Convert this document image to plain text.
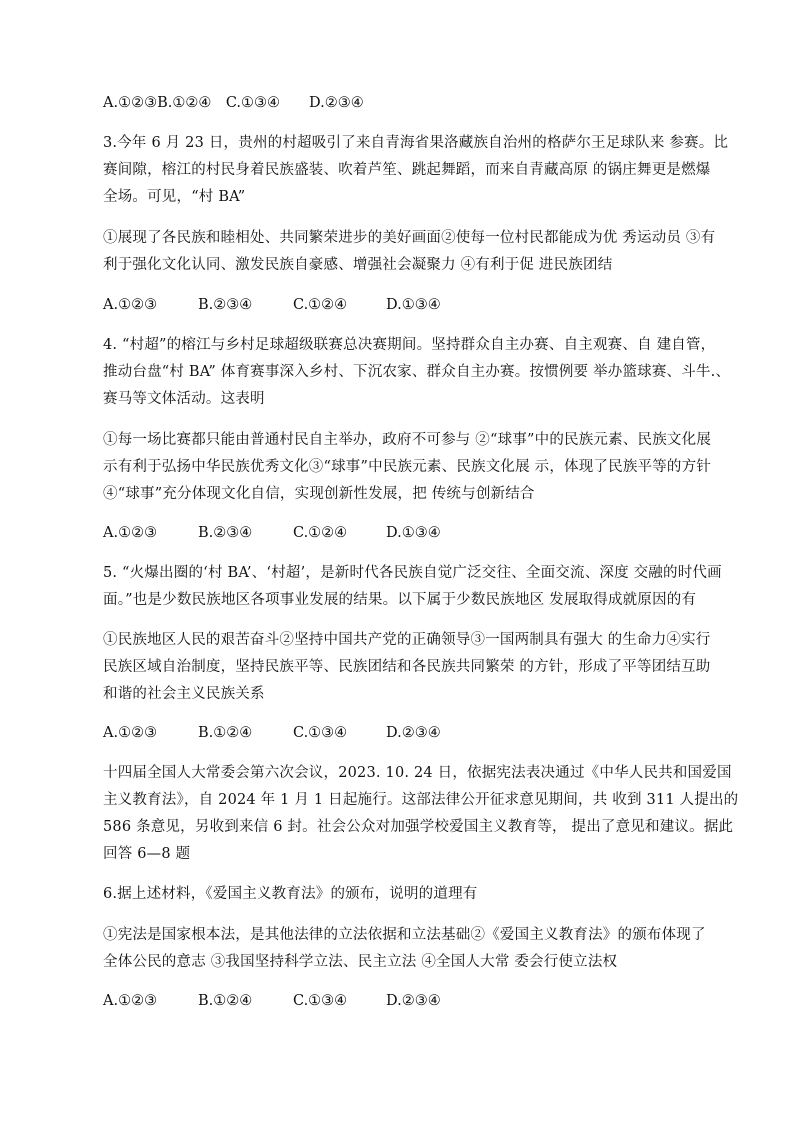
A.①②③B.①②④　C.①③④　　D.②③④
3.今年 6 月 23 日，贵州的村超吸引了来自青海省果洛藏族自治州的格萨尔王足球队来 参赛。比
赛间隙，榕江的村民身着民族盛装、吹着芦笙、跳起舞蹈，而来自青藏高原 的锅庄舞更是燃爆
全场。可见，“村 BA”
①展现了各民族和睦相处、共同繁荣进步的美好画面②使每一位村民都能成为优 秀运动员 ③有
利于强化文化认同、激发民族自豪感、增强社会凝聚力 ④有利于促 进民族团结
A.①②③	B.②③④	C.①②④	D.①③④
4. “村超”的榕江与乡村足球超级联赛总决赛期间。坚持群众自主办赛、自主观赛、自 建自管，
推动台盘“村 BA” 体育赛事深入乡村、下沉农家、群众自主办赛。按惯例要 举办篮球赛、斗牛.、
赛马等文体活动。这表明
①每一场比赛都只能由普通村民自主举办，政府不可参与 ②“球事”中的民族元素、民族文化展
示有利于弘扬中华民族优秀文化③“球事”中民族元素、民族文化展 示，体现了民族平等的方针
④“球事”充分体现文化自信，实现创新性发展，把 传统与创新结合
A.①②③	B.②③④	C.①②④	D.①③④
5. “火爆出圈的‘村 BA’、‘村超’，是新时代各民族自觉广泛交往、全面交流、深度 交融的时代画
面。”也是少数民族地区各项事业发展的结果。以下属于少数民族地区 发展取得成就原因的有
①民族地区人民的艰苦奋斗②坚持中国共产党的正确领导③一国两制具有强大 的生命力④实行
民族区域自治制度，坚持民族平等、民族团结和各民族共同繁荣 的方针，形成了平等团结互助
和谐的社会主义民族关系
A.①②③	B.①②④	C.①③④	D.②③④
十四届全国人大常委会第六次会议，2023. 10. 24 日，依据宪法表决通过《中华人民共和国爱国
主义教育法》，自 2024 年 1 月 1 日起施行。这部法律公开征求意见期间，共 收到 311 人提出的
586 条意见，另收到来信 6 封。社会公众对加强学校爱国主义教育等， 提出了意见和建议。据此
回答 6—8 题
6.据上述材料，《爱国主义教育法》的颁布，说明的道理有
①宪法是国家根本法，是其他法律的立法依据和立法基础②《爱国主义教育法》的颁布体现了
全体公民的意志 ③我国坚持科学立法、民主立法 ④全国人大常 委会行使立法权
A.①②③	B.①②④	C.①③④	D.②③④
